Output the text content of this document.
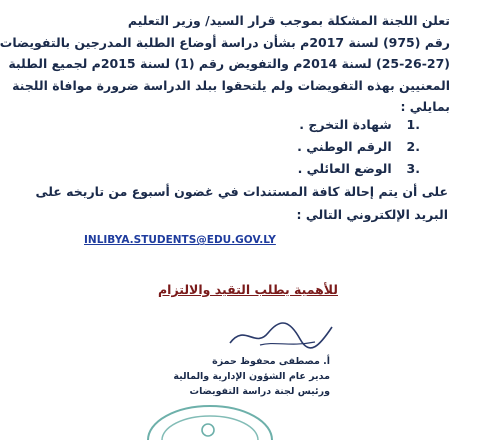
تعلن اللجنة المشكلة بموجب قرار السيد/ وزير التعليم
رقم (975) لسنة 2017م بشأن دراسة أوضاع الطلبة المدرجين بالتفويضات
(25-26-27) لسنة 2014م والتفويض رقم (1) لسنة 2015م لجميع الطلبة
المعنيين بهذه التفويضات ولم يلتحقوا ببلد الدراسة ضرورة موافاة اللجنة
بمايلي :
.1 شهادة التخرج .
.2 الرقم الوطني .
.3 الوضع العائلي .
على أن يتم إحالة كافة المستندات في غضون أسبوع من تاريخه على
البريد الإلكتروني التالي :
INLIBYA.STUDENTS@EDU.GOV.LY
للأهمية يطلب التقيد والالتزام
أ. مصطفى محفوظ حمزة
مدير عام الشؤون الإدارية والمالية
ورئيس لجنة دراسة التفويضات
